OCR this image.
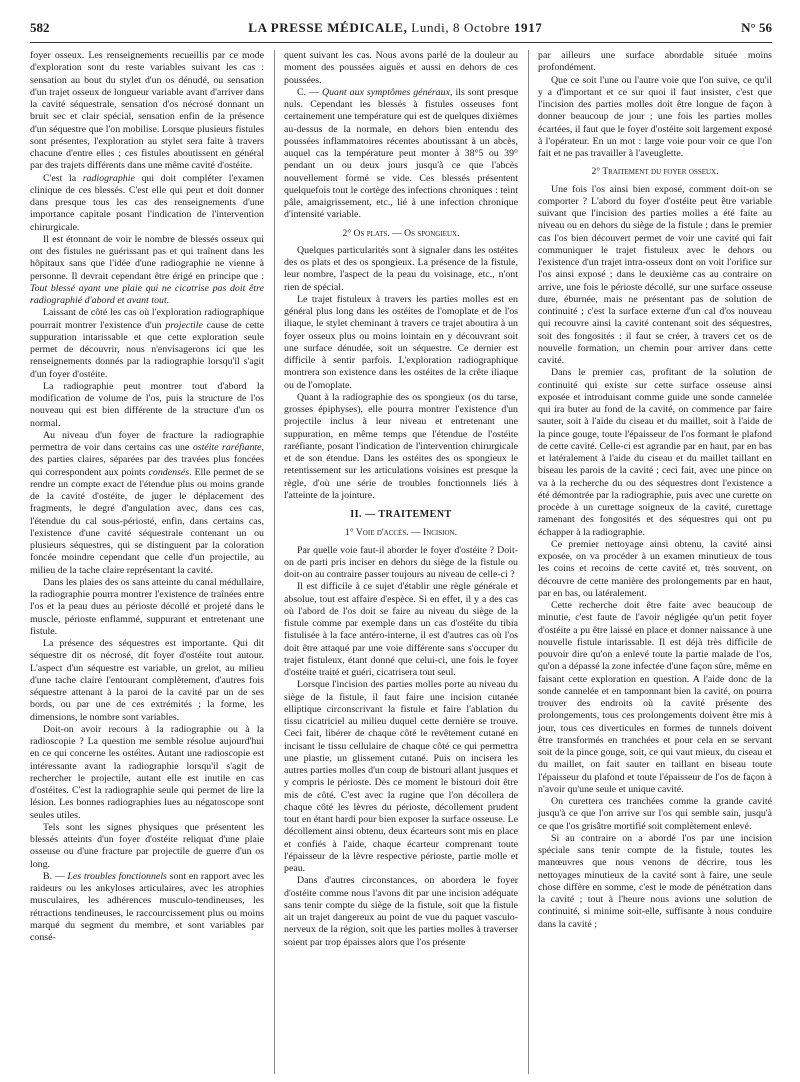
582	LA PRESSE MÉDICALE, Lundi, 8 Octobre 1917	N° 56

foyer osseux. Les renseignements recueillis par ce mode d'exploration sont du reste variables suivant les cas : sensation au bout du stylet d'un os dénudé, ou sensation d'un trajet osseux de longueur variable avant d'arriver dans la cavité séquestrale, sensation d'os nécrosé donnant un bruit sec et clair spécial, sensation enfin de la présence d'un séquestre que l'on mobilise. Lorsque plusieurs fistules sont présentes, l'exploration au stylet sera faite à travers chacune d'entre elles ; ces fistules aboutissent en général par des trajets différents dans une même cavité d'ostéite.

C'est la radiographie qui doit compléter l'examen clinique de ces blessés. C'est elle qui peut et doit donner dans presque tous les cas des renseignements d'une importance capitale posant l'indication de l'intervention chirurgicale.

Il est étonnant de voir le nombre de blessés osseux qui ont des fistules ne guérissant pas et qui traînent dans les hôpitaux sans que l'idée d'une radiographie ne vienne à personne. Il devrait cependant être érigé en principe que : Tout blessé ayant une plaie qui ne cicatrise pas doit être radiographié d'abord et avant tout.

Laissant de côté les cas où l'exploration radiographique pourrait montrer l'existence d'un projectile cause de cette suppuration intarissable et que cette exploration seule permet de découvrir, nous n'envisagerons ici que les renseignements donnés par la radiographie lorsqu'il s'agit d'un foyer d'ostéite.

La radiographie peut montrer tout d'abord la modification de volume de l'os, puis la structure de l'os nouveau qui est bien différente de la structure d'un os normal.

Au niveau d'un foyer de fracture la radiographie permettra de voir dans certains cas une ostéite raréfiante, des parties claires, séparées par des travées plus foncées qui correspondent aux points condensés. Elle permet de se rendre un compte exact de l'étendue plus ou moins grande de la cavité d'ostéite, de juger le déplacement des fragments, le degré d'angulation avec, dans ces cas, l'étendue du cal sous-périosté, enfin, dans certains cas, l'existence d'une cavité séquestrale contenant un ou plusieurs séquestres, qui se distinguent par la coloration foncée moindre cependant que celle d'un projectile, au milieu de la tache claire représentant la cavité.

Dans les plaies des os sans atteinte du canal médullaire, la radiographie pourra montrer l'existence de traînées entre l'os et la peau dues au périoste décollé et projeté dans le muscle, périoste enflammé, suppurant et entretenant une fistule.

La présence des séquestres est importante. Qui dit séquestre dit os nécrosé, dit foyer d'ostéite tout autour. L'aspect d'un séquestre est variable, un grelot, au milieu d'une tache claire l'entourant complètement, d'autres fois séquestre attenant à la paroi de la cavité par un de ses bords, ou par une de ces extrémités ; la forme, les dimensions, le nombre sont variables.

Doit-on avoir recours à la radiographie ou à la radioscopie ? La question me semble résolue aujourd'hui en ce qui concerne les ostéites. Autant une radioscopie est intéressante avant la radiographie lorsqu'il s'agit de rechercher le projectile, autant elle est inutile en cas d'ostéites. C'est la radiographie seule qui permet de lire la lésion. Les bonnes radiographies lues au négatoscope sont seules utiles.

Tels sont les signes physiques que présentent les blessés atteints d'un foyer d'ostéite reliquat d'une plaie osseuse ou d'une fracture par projectile de guerre d'un os long.

B. — Les troubles fonctionnels sont en rapport avec les raideurs ou les ankyloses articulaires, avec les atrophies musculaires, les adhérences musculo-tendineuses, les rétractions tendineuses, le raccourcissement plus ou moins marqué du segment du membre, et sont variables par consé-

quent suivant les cas. Nous avons parlé de la douleur au moment des poussées aiguës et aussi en dehors de ces poussées.

C. — Quant aux symptômes généraux, ils sont presque nuls. Cependant les blessés à fistules osseuses font certainement une température qui est de quelques dixièmes au-dessus de la normale, en dehors bien entendu des poussées inflammatoires récentes aboutissant à un abcès, auquel cas la température peut monter à 38°5 ou 39° pendant un ou deux jours jusqu'à ce que l'abcès nouvellement formé se vide. Ces blessés présentent quelquefois tout le cortège des infections chroniques : teint pâle, amaigrissement, etc., lié à une infection chronique d'intensité variable.

2° Os plats. — Os spongieux.

Quelques particularités sont à signaler dans les ostéites des os plats et des os spongieux. La présence de la fistule, leur nombre, l'aspect de la peau du voisinage, etc., n'ont rien de spécial.

Le trajet fistuleux à travers les parties molles est en général plus long dans les ostéites de l'omoplate et de l'os iliaque, le stylet cheminant à travers ce trajet aboutira à un foyer osseux plus ou moins lointain en y découvrant soit une surface dénudée, soit un séquestre. Ce dernier est difficile à sentir parfois. L'exploration radiographique montrera son existence dans les ostéites de la crête iliaque ou de l'omoplate.

Quant à la radiographie des os spongieux (os du tarse, grosses épiphyses), elle pourra montrer l'existence d'un projectile inclus à leur niveau et entretenant une suppuration, en même temps que l'étendue de l'ostéite raréfiante, posant l'indication de l'intervention chirurgicale et de son étendue. Dans les ostéites des os spongieux le retentissement sur les articulations voisines est presque la règle, d'où une série de troubles fonctionnels liés à l'atteinte de la jointure.

II. — TRAITEMENT
1° Voie d'accès. — Incision.

Par quelle voie faut-il aborder le foyer d'ostéite ? Doit-on de parti pris inciser en dehors du siège de la fistule ou doit-on au contraire passer toujours au niveau de celle-ci ?

Il est difficile à ce sujet d'établir une règle générale et absolue, tout est affaire d'espèce. Si en effet, il y a des cas où l'abord de l'os doit se faire au niveau du siège de la fistule comme par exemple dans un cas d'ostéite du tibia fistulisée à la face antéro-interne, il est d'autres cas où l'os doit être attaqué par une voie différente sans s'occuper du trajet fistuleux, étant donné que celui-ci, une fois le foyer d'ostéite traité et guéri, cicatrisera tout seul.

Lorsque l'incision des parties molles porte au niveau du siège de la fistule, il faut faire une incision cutanée elliptique circonscrivant la fistule et faire l'ablation du tissu cicatriciel au milieu duquel cette dernière se trouve. Ceci fait, libérer de chaque côté le revêtement cutané en incisant le tissu cellulaire de chaque côté ce qui permettra une plastie, un glissement cutané. Puis on incisera les autres parties molles d'un coup de bistouri allant jusques et y compris le périoste. Dès ce moment le bistouri doit être mis de côté. C'est avec la rugine que l'on décollera de chaque côté les lèvres du périoste, décollement prudent tout en étant hardi pour bien exposer la surface osseuse. Le décollement ainsi obtenu, deux écarteurs sont mis en place et confiés à l'aide, chaque écarteur comprenant toute l'épaisseur de la lèvre respective périoste, partie molle et peau.

Dans d'autres circonstances, on abordera le foyer d'ostéite comme nous l'avons dit par une incision adéquate sans tenir compte du siège de la fistule, soit que la fistule ait un trajet dangereux au point de vue du paquet vasculo-nerveux de la région, soit que les parties molles à traverser soient par trop épaisses alors que l'os présente

par ailleurs une surface abordable située moins profondément.

Que ce soit l'une ou l'autre voie que l'on suive, ce qu'il y a d'important et ce sur quoi il faut insister, c'est que l'incision des parties molles doit être longue de façon à donner beaucoup de jour ; une fois les parties molles écartées, il faut que le foyer d'ostéite soit largement exposé à l'opérateur. En un mot : large voie pour voir ce que l'on fait et ne pas travailler à l'aveuglette.

2° Traitement du foyer osseux.

Une fois l'os ainsi bien exposé, comment doit-on se comporter ? L'abord du foyer d'ostéite peut être variable suivant que l'incision des parties molles a été faite au niveau ou en dehors du siège de la fistule ; dans le premier cas l'os bien découvert permet de voir une cavité qui fait communiquer le trajet fistuleux avec le dehors ou l'existence d'un trajet intra-osseux dont on voit l'orifice sur l'os ainsi exposé ; dans le deuxième cas au contraire on arrive, une fois le périoste décollé, sur une surface osseuse dure, éburnée, mais ne présentant pas de solution de continuité ; c'est la surface externe d'un cal d'os nouveau qui recouvre ainsi la cavité contenant soit des séquestres, soit des fongosités : il faut se créer, à travers cet os de nouvelle formation, un chemin pour arriver dans cette cavité.

Dans le premier cas, profitant de la solution de continuité qui existe sur cette surface osseuse ainsi exposée et introduisant comme guide une sonde cannelée qui ira buter au fond de la cavité, on commence par faire sauter, soit à l'aide du ciseau et du maillet, soit à l'aide de la pince gouge, toute l'épaisseur de l'os formant le plafond de cette cavité. Celle-ci est agrandie par en haut, par en bas et latéralement à l'aide du ciseau et du maillet taillant en biseau les parois de la cavité ; ceci fait, avec une pince on va à la recherche du ou des séquestres dont l'existence a été démontrée par la radiographie, puis avec une curette on procède à un curettage soigneux de la cavité, curettage ramenant des fongosités et des séquestres qui ont pu échapper à la radiographie.

Ce premier nettoyage ainsi obtenu, la cavité ainsi exposée, on va procéder à un examen minutieux de tous les coins et recoins de cette cavité et, très souvent, on découvre de cette manière des prolongements par en haut, par en bas, ou latéralement.

Cette recherche doit être faite avec beaucoup de minutie, c'est faute de l'avoir négligée qu'un petit foyer d'ostéite a pu être laissé en place et donner naissance à une nouvelle fistule intarissable. Il est déjà très difficile de pouvoir dire qu'on a enlevé toute la partie malade de l'os, qu'on a dépassé la zone infectée d'une façon sûre, même en faisant cette exploration en question. A l'aide donc de la sonde cannelée et en tamponnant bien la cavité, on pourra trouver des endroits où la cavité présente des prolongements, tous ces prolongements doivent être mis à jour, tous ces diverticules en formes de tunnels doivent être transformés en tranchées et pour cela en se servant soit de la pince gouge, soit, ce qui vaut mieux, du ciseau et du maillet, on fait sauter en taillant en biseau toute l'épaisseur du plafond et toute l'épaisseur de l'os de façon à n'avoir qu'une seule et unique cavité.

On curettera ces tranchées comme la grande cavité jusqu'à ce que l'on arrive sur l'os qui semble sain, jusqu'à ce que l'os grisâtre mortifié soit complètement enlevé.

Si au contraire on a abordé l'os par une incision spéciale sans tenir compte de la fistule, toutes les manœuvres que nous venons de décrire, tous les nettoyages minutieux de la cavité sont à faire, une seule chose diffère en somme, c'est le mode de pénétration dans la cavité ; tout à l'heure nous avions une solution de continuité, si minime soit-elle, suffisante à nous conduire dans la cavité ;
